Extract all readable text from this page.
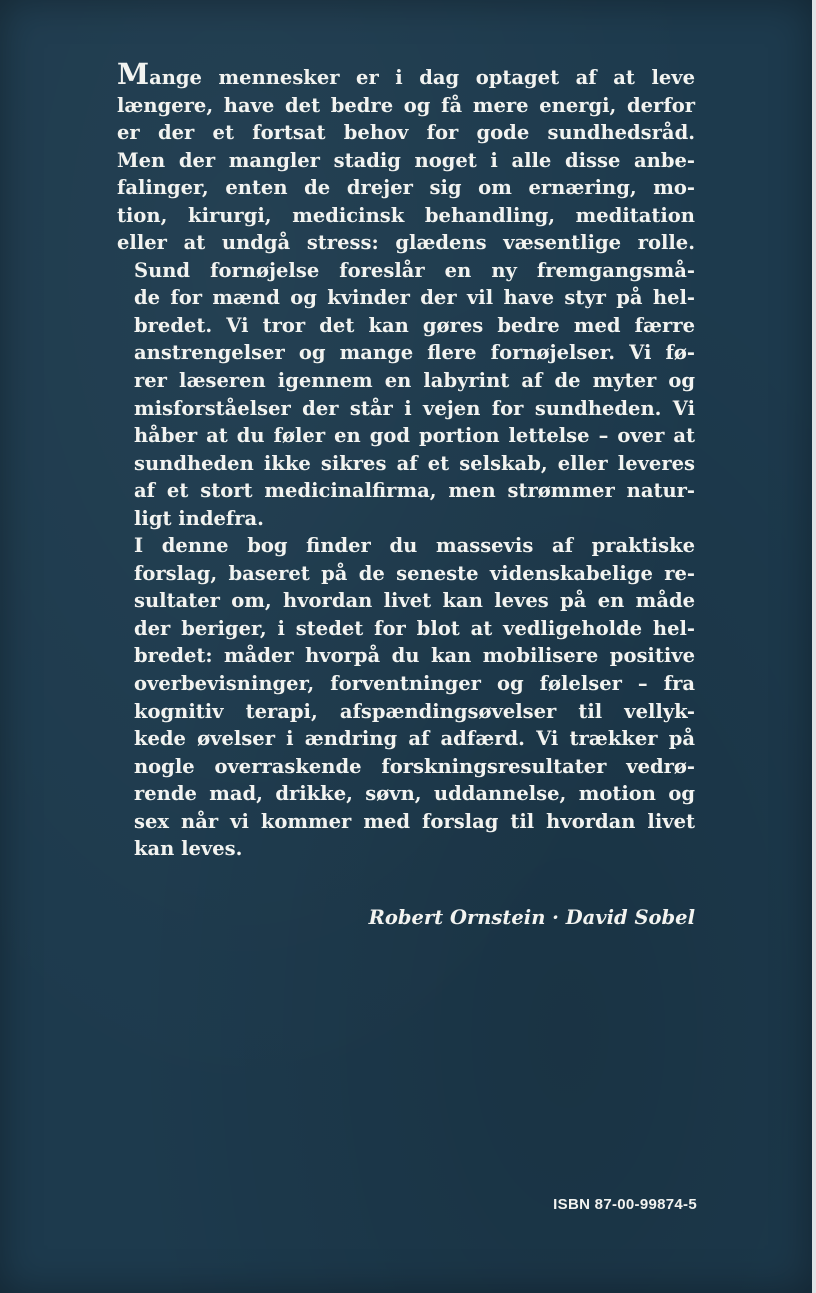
Mange mennesker er i dag optaget af at leve
længere, have det bedre og få mere energi, derfor
er der et fortsat behov for gode sundhedsråd.
Men der mangler stadig noget i alle disse anbe-
falinger, enten de drejer sig om ernæring, mo-
tion, kirurgi, medicinsk behandling, meditation
eller at undgå stress: glædens væsentlige rolle.

Sund fornøjelse foreslår en ny fremgangsmå-
de for mænd og kvinder der vil have styr på hel-
bredet. Vi tror det kan gøres bedre med færre
anstrengelser og mange flere fornøjelser. Vi fø-
rer læseren igennem en labyrint af de myter og
misforståelser der står i vejen for sundheden. Vi
håber at du føler en god portion lettelse – over at
sundheden ikke sikres af et selskab, eller leveres
af et stort medicinalfirma, men strømmer natur-
ligt indefra.

I denne bog finder du massevis af praktiske
forslag, baseret på de seneste videnskabelige re-
sultater om, hvordan livet kan leves på en måde
der beriger, i stedet for blot at vedligeholde hel-
bredet: måder hvorpå du kan mobilisere positive
overbevisninger, forventninger og følelser – fra
kognitiv terapi, afspændingsøvelser til vellyk-
kede øvelser i ændring af adfærd. Vi trækker på
nogle overraskende forskningsresultater vedrø-
rende mad, drikke, søvn, uddannelse, motion og
sex når vi kommer med forslag til hvordan livet
kan leves.

Robert Ornstein · David Sobel
ISBN 87-00-99874-5
